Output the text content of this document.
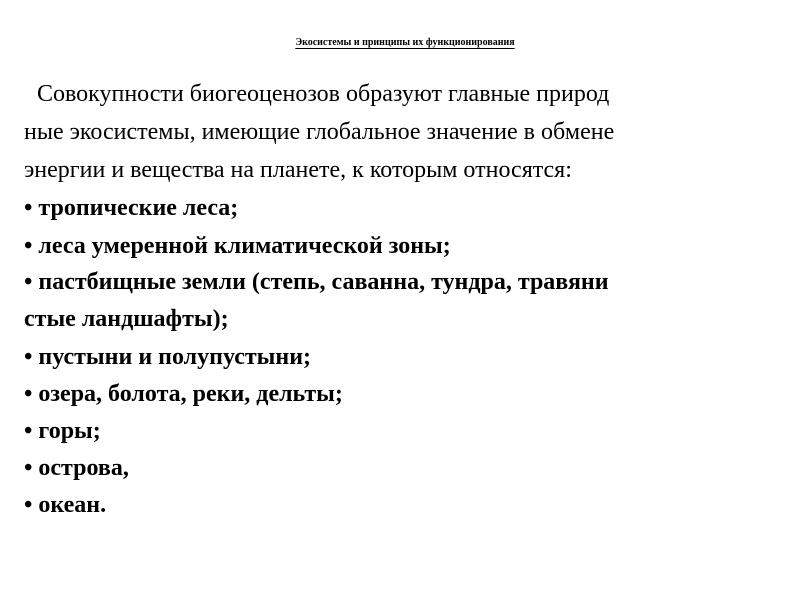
Экосистемы и принципы их функционирования
Совокупности биогеоценозов образуют главные природ
ные экосистемы, имеющие глобальное значение в обмене
энергии и вещества на планете, к которым относятся:
• тропические леса;
• леса умеренной климатической зоны;
• пастбищные земли (степь, саванна, тундра, травяни
стые ландшафты);
• пустыни и полупустыни;
• озера, болота, реки, дельты;
• горы;
• острова,
• океан.
